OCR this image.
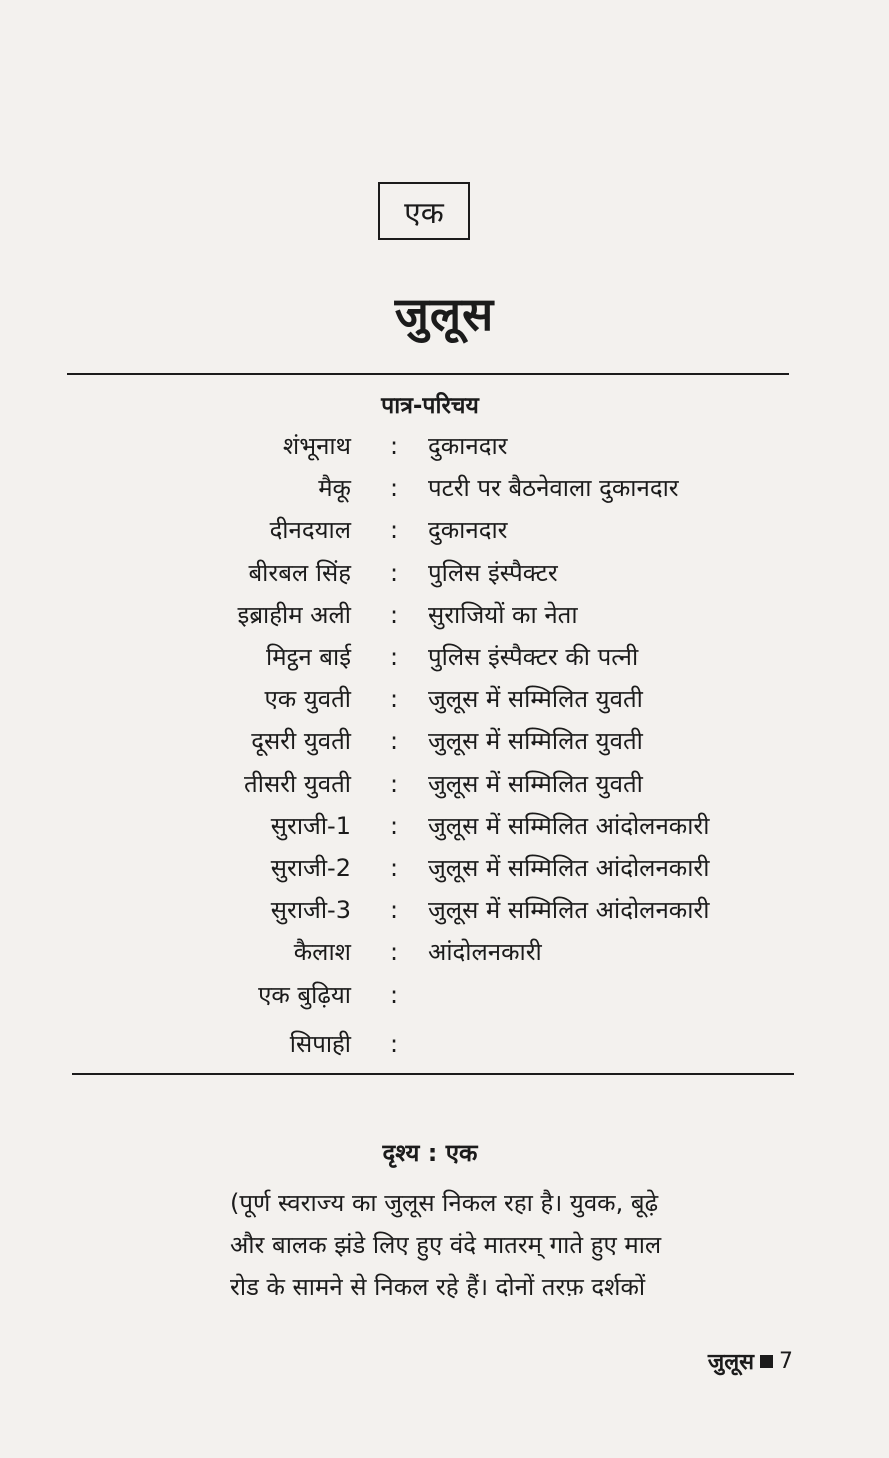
एक
जुलूस
पात्र-परिचय
शंभूनाथ : दुकानदार
मैकू : पटरी पर बैठनेवाला दुकानदार
दीनदयाल : दुकानदार
बीरबल सिंह : पुलिस इंस्पैक्टर
इब्राहीम अली : सुराजियों का नेता
मिट्ठन बाई : पुलिस इंस्पैक्टर की पत्नी
एक युवती : जुलूस में सम्मिलित युवती
दूसरी युवती : जुलूस में सम्मिलित युवती
तीसरी युवती : जुलूस में सम्मिलित युवती
सुराजी-1 : जुलूस में सम्मिलित आंदोलनकारी
सुराजी-2 : जुलूस में सम्मिलित आंदोलनकारी
सुराजी-3 : जुलूस में सम्मिलित आंदोलनकारी
कैलाश : आंदोलनकारी
एक बुढ़िया :
सिपाही :
दृश्य : एक
(पूर्ण स्वराज्य का जुलूस निकल रहा है। युवक, बूढ़े
और बालक झंडे लिए हुए वंदे मातरम् गाते हुए माल
रोड के सामने से निकल रहे हैं। दोनों तरफ़ दर्शकों
जुलूस 7
